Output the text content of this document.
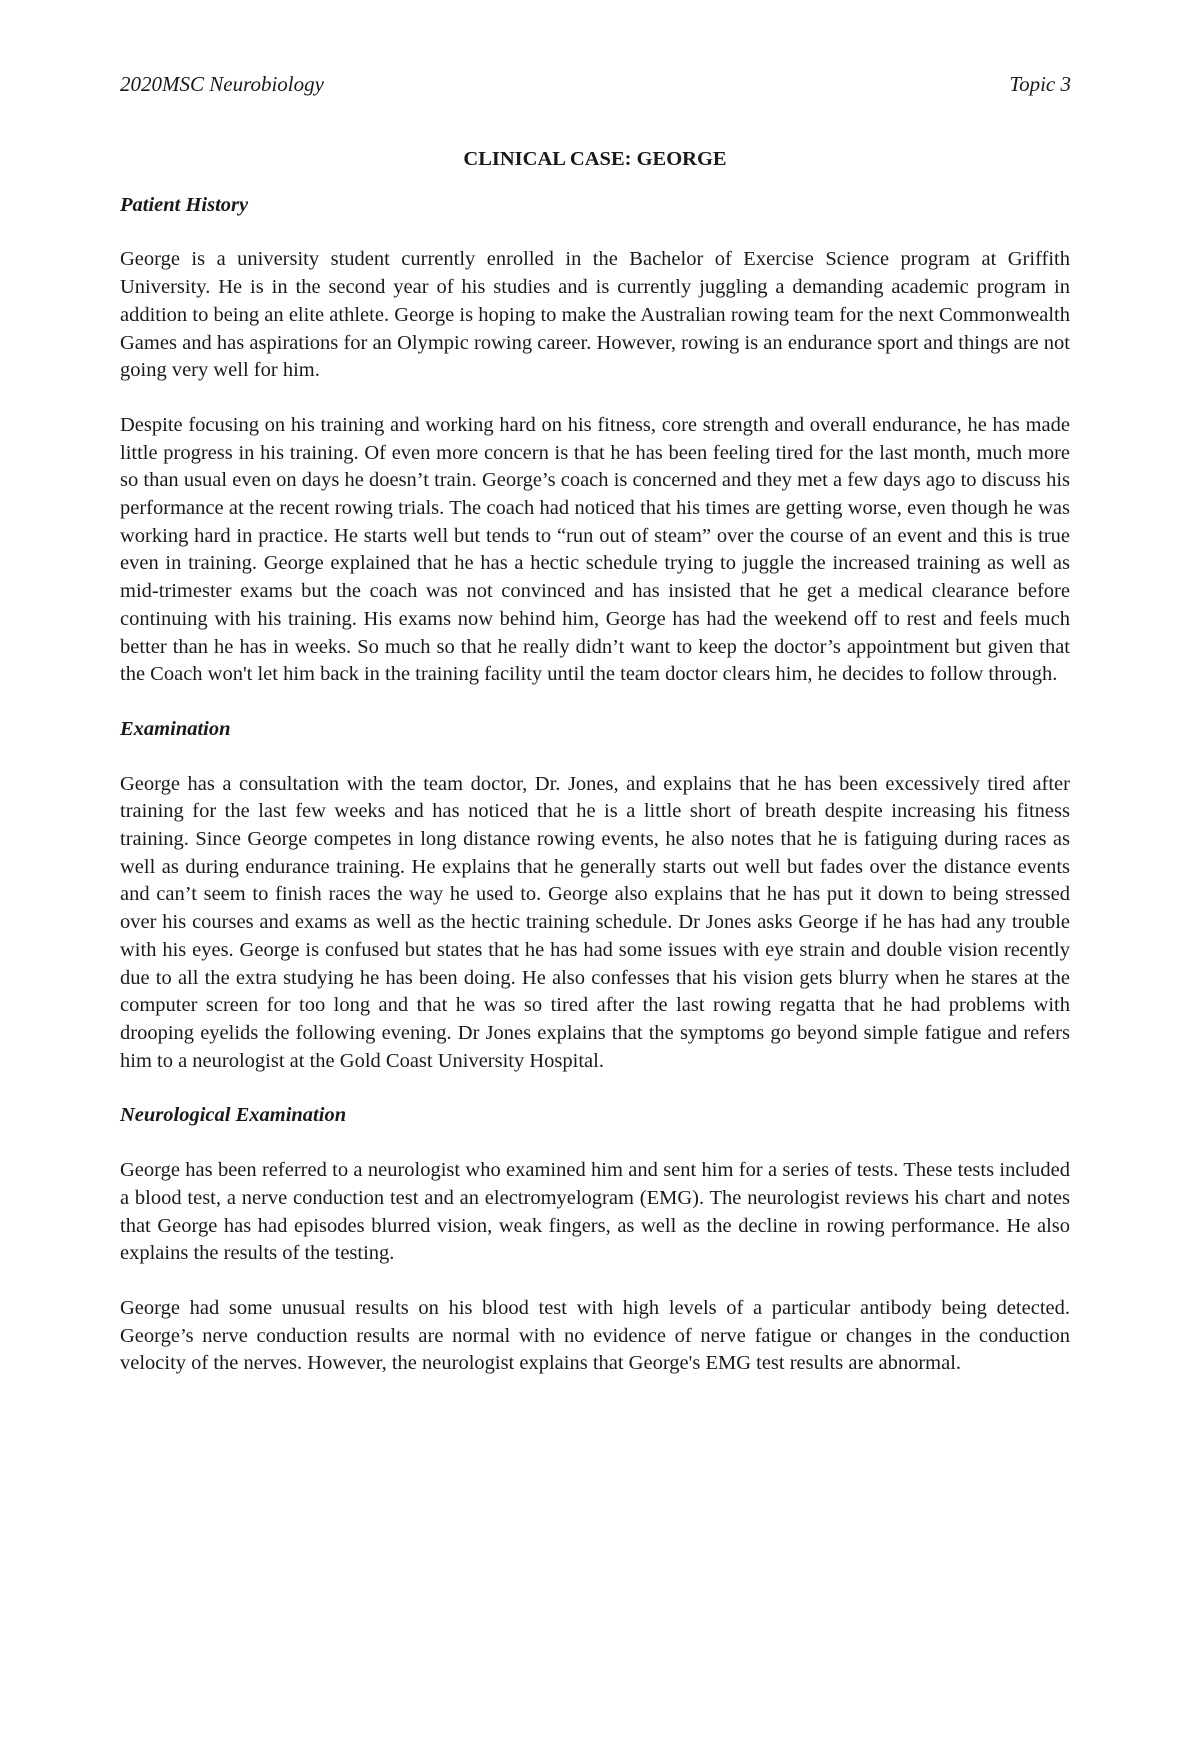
2020MSC Neurobiology	Topic 3
CLINICAL CASE: GEORGE
Patient History

George is a university student currently enrolled in the Bachelor of Exercise Science program at Griffith University. He is in the second year of his studies and is currently juggling a demanding academic program in addition to being an elite athlete. George is hoping to make the Australian rowing team for the next Commonwealth Games and has aspirations for an Olympic rowing career. However, rowing is an endurance sport and things are not going very well for him.

Despite focusing on his training and working hard on his fitness, core strength and overall endurance, he has made little progress in his training. Of even more concern is that he has been feeling tired for the last month, much more so than usual even on days he doesn’t train. George’s coach is concerned and they met a few days ago to discuss his performance at the recent rowing trials. The coach had noticed that his times are getting worse, even though he was working hard in practice. He starts well but tends to “run out of steam” over the course of an event and this is true even in training. George explained that he has a hectic schedule trying to juggle the increased training as well as mid-trimester exams but the coach was not convinced and has insisted that he get a medical clearance before continuing with his training. His exams now behind him, George has had the weekend off to rest and feels much better than he has in weeks. So much so that he really didn’t want to keep the doctor’s appointment but given that the Coach won't let him back in the training facility until the team doctor clears him, he decides to follow through.

Examination

George has a consultation with the team doctor, Dr. Jones, and explains that he has been excessively tired after training for the last few weeks and has noticed that he is a little short of breath despite increasing his fitness training. Since George competes in long distance rowing events, he also notes that he is fatiguing during races as well as during endurance training. He explains that he generally starts out well but fades over the distance events and can’t seem to finish races the way he used to. George also explains that he has put it down to being stressed over his courses and exams as well as the hectic training schedule. Dr Jones asks George if he has had any trouble with his eyes. George is confused but states that he has had some issues with eye strain and double vision recently due to all the extra studying he has been doing. He also confesses that his vision gets blurry when he stares at the computer screen for too long and that he was so tired after the last rowing regatta that he had problems with drooping eyelids the following evening. Dr Jones explains that the symptoms go beyond simple fatigue and refers him to a neurologist at the Gold Coast University Hospital.

Neurological Examination

George has been referred to a neurologist who examined him and sent him for a series of tests. These tests included a blood test, a nerve conduction test and an electromyelogram (EMG). The neurologist reviews his chart and notes that George has had episodes blurred vision, weak fingers, as well as the decline in rowing performance. He also explains the results of the testing.

George had some unusual results on his blood test with high levels of a particular antibody being detected. George’s nerve conduction results are normal with no evidence of nerve fatigue or changes in the conduction velocity of the nerves. However, the neurologist explains that George's EMG test results are abnormal.
